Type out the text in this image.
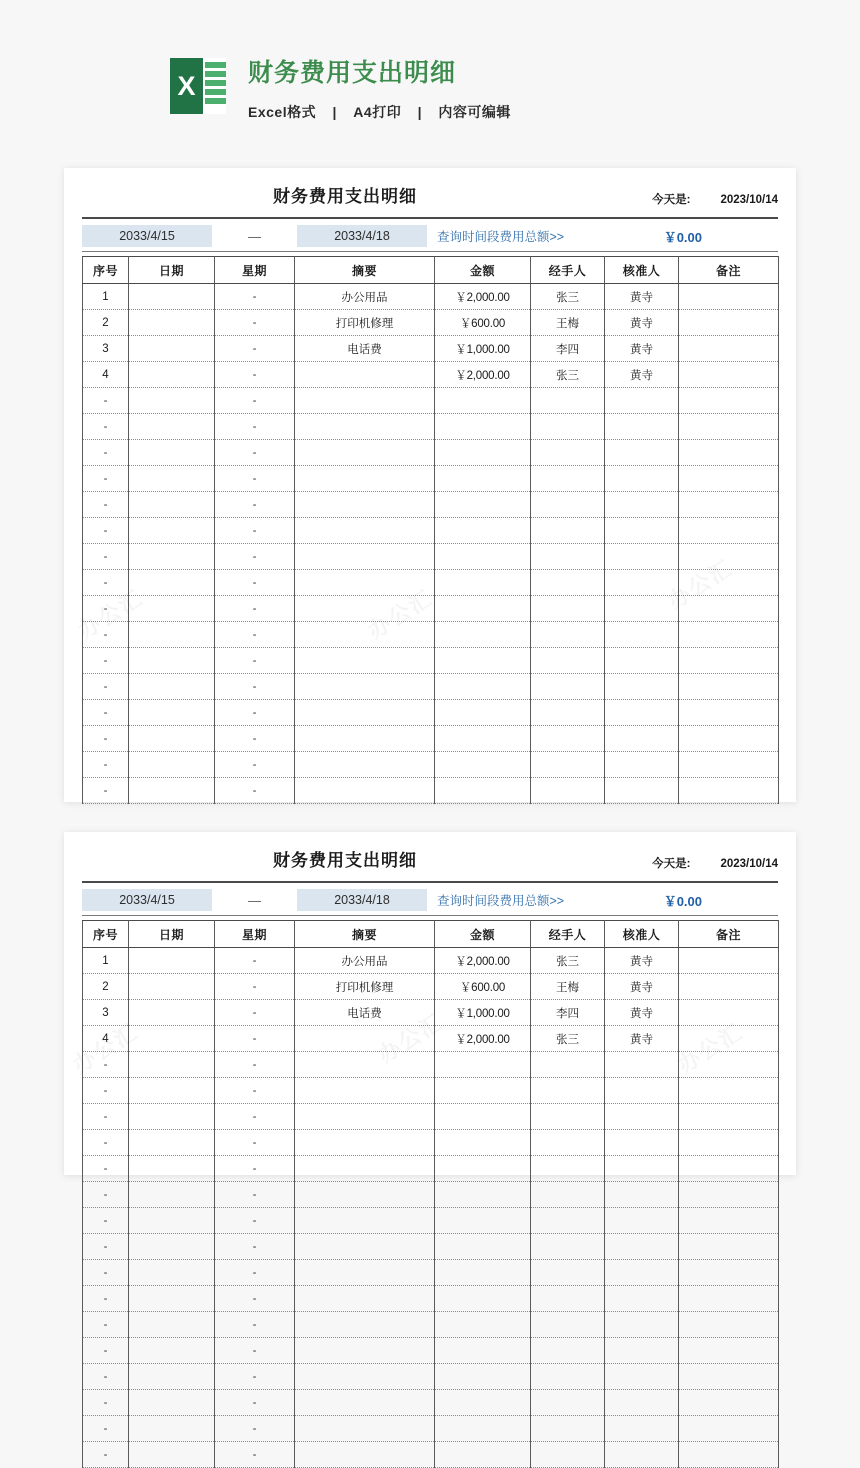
X	财务费用支出明细
Excel格式 | A4打印 | 内容可编辑
财务费用支出明细	今天是:	2023/10/14
2033/4/15	—	2033/4/18	查询时间段费用总额>>	￥0.00
序号	日期	星期	摘要	金额	经手人	核准人	备注
1		-	办公用品	￥2,000.00	张三	黄寺	
2		-	打印机修理	￥600.00	王梅	黄寺	
3		-	电话费	￥1,000.00	李四	黄寺	
4		-		￥2,000.00	张三	黄寺	
-		-					
-		-					
-		-					
-		-					
-		-					
-		-					
-		-					
-		-					
-		-					
-		-					
-		-					
-		-					
-		-					
-		-					
-		-					
-		-					
财务费用支出明细	今天是:	2023/10/14
2033/4/15	—	2033/4/18	查询时间段费用总额>>	￥0.00
序号	日期	星期	摘要	金额	经手人	核准人	备注
1		-	办公用品	￥2,000.00	张三	黄寺	
2		-	打印机修理	￥600.00	王梅	黄寺	
3		-	电话费	￥1,000.00	李四	黄寺	
4		-		￥2,000.00	张三	黄寺	
-		-					
-		-					
-		-					
-		-					
-		-					
-		-					
-		-					
-		-					
-		-					
-		-					
-		-					
-		-					
-		-					
-		-					
-		-					
-		-					
